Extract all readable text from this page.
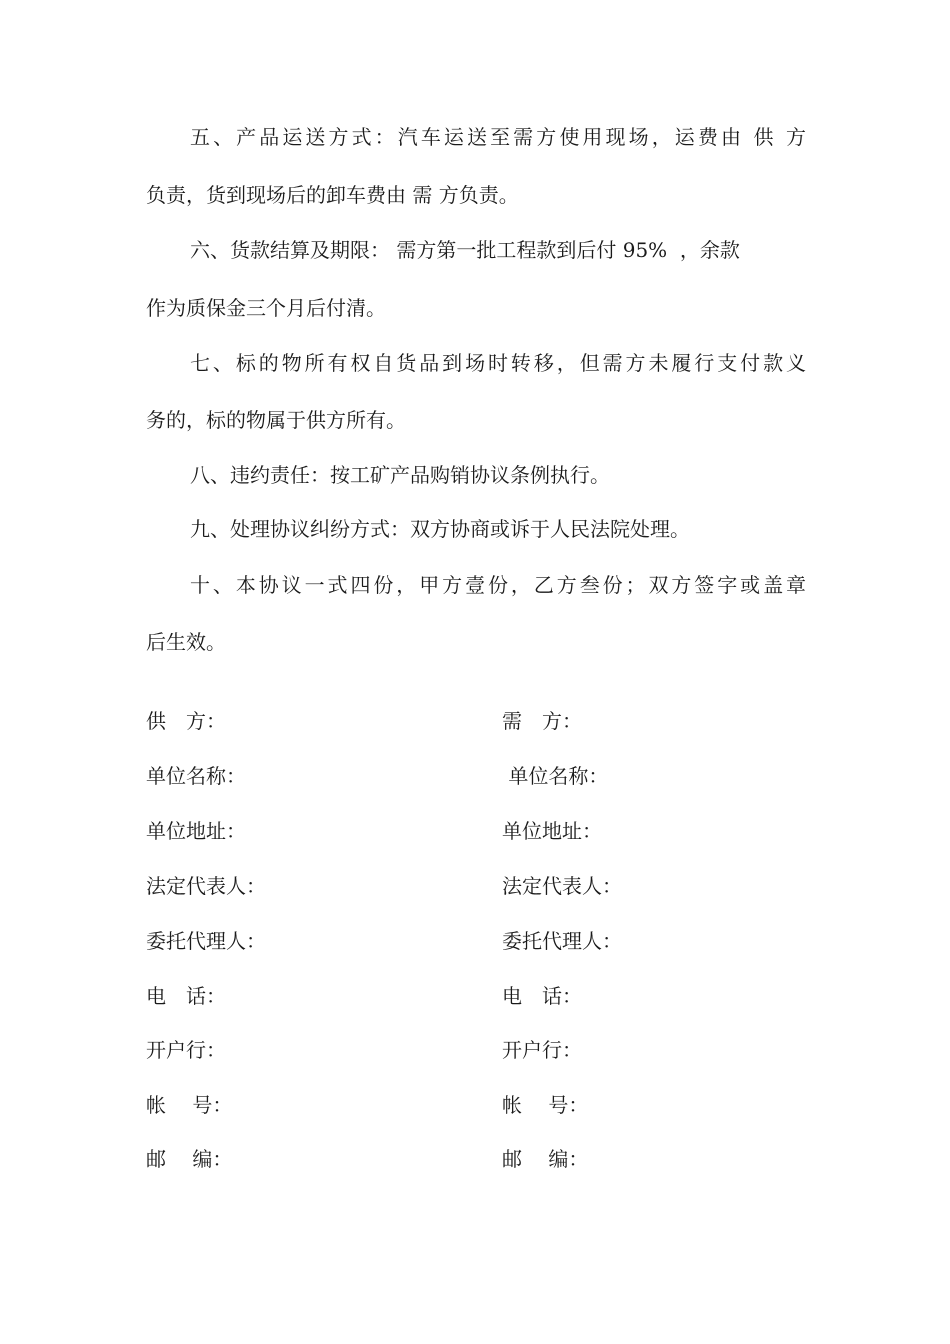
五、产品运送方式：汽车运送至需方使用现场，运费由 供 方
负责，货到现场后的卸车费由 需 方负责。
六、货款结算及期限： 需方第一批工程款到后付 95%  ，余款
作为质保金三个月后付清。
七、标的物所有权自货品到场时转移，但需方未履行支付款义
务的，标的物属于供方所有。
八、违约责任：按工矿产品购销协议条例执行。
九、处理协议纠纷方式：双方协商或诉于人民法院处理。
十、本协议一式四份，甲方壹份，乙方叁份；双方签字或盖章
后生效。
供　方：
单位名称：
单位地址：
法定代表人：
委托代理人：
电　话：
开户行：
帐　 号：
邮　 编：
需　方：
单位名称：
单位地址：
法定代表人：
委托代理人：
电　话：
开户行：
帐　 号：
邮　 编：
